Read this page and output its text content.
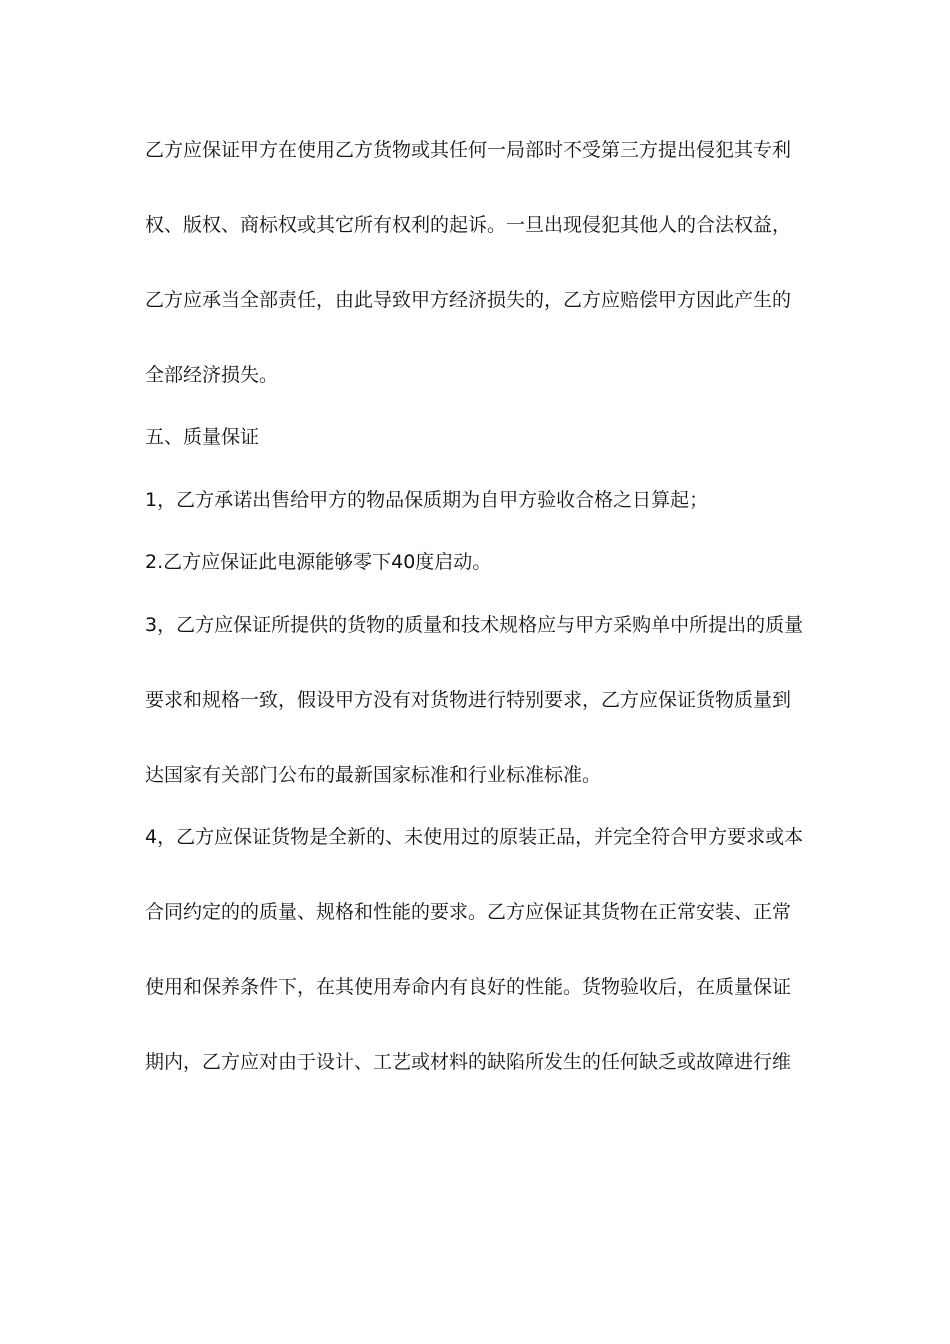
乙方应保证甲方在使用乙方货物或其任何一局部时不受第三方提出侵犯其专利
权、版权、商标权或其它所有权利的起诉。一旦出现侵犯其他人的合法权益，
乙方应承当全部责任，由此导致甲方经济损失的，乙方应赔偿甲方因此产生的
全部经济损失。
五、质量保证
1，乙方承诺出售给甲方的物品保质期为自甲方验收合格之日算起；
2.乙方应保证此电源能够零下40度启动。
3，乙方应保证所提供的货物的质量和技术规格应与甲方采购单中所提出的质量
要求和规格一致，假设甲方没有对货物进行特别要求，乙方应保证货物质量到
达国家有关部门公布的最新国家标准和行业标准标准。
4，乙方应保证货物是全新的、未使用过的原装正品，并完全符合甲方要求或本
合同约定的的质量、规格和性能的要求。乙方应保证其货物在正常安装、正常
使用和保养条件下，在其使用寿命内有良好的性能。货物验收后，在质量保证
期内，乙方应对由于设计、工艺或材料的缺陷所发生的任何缺乏或故障进行维
